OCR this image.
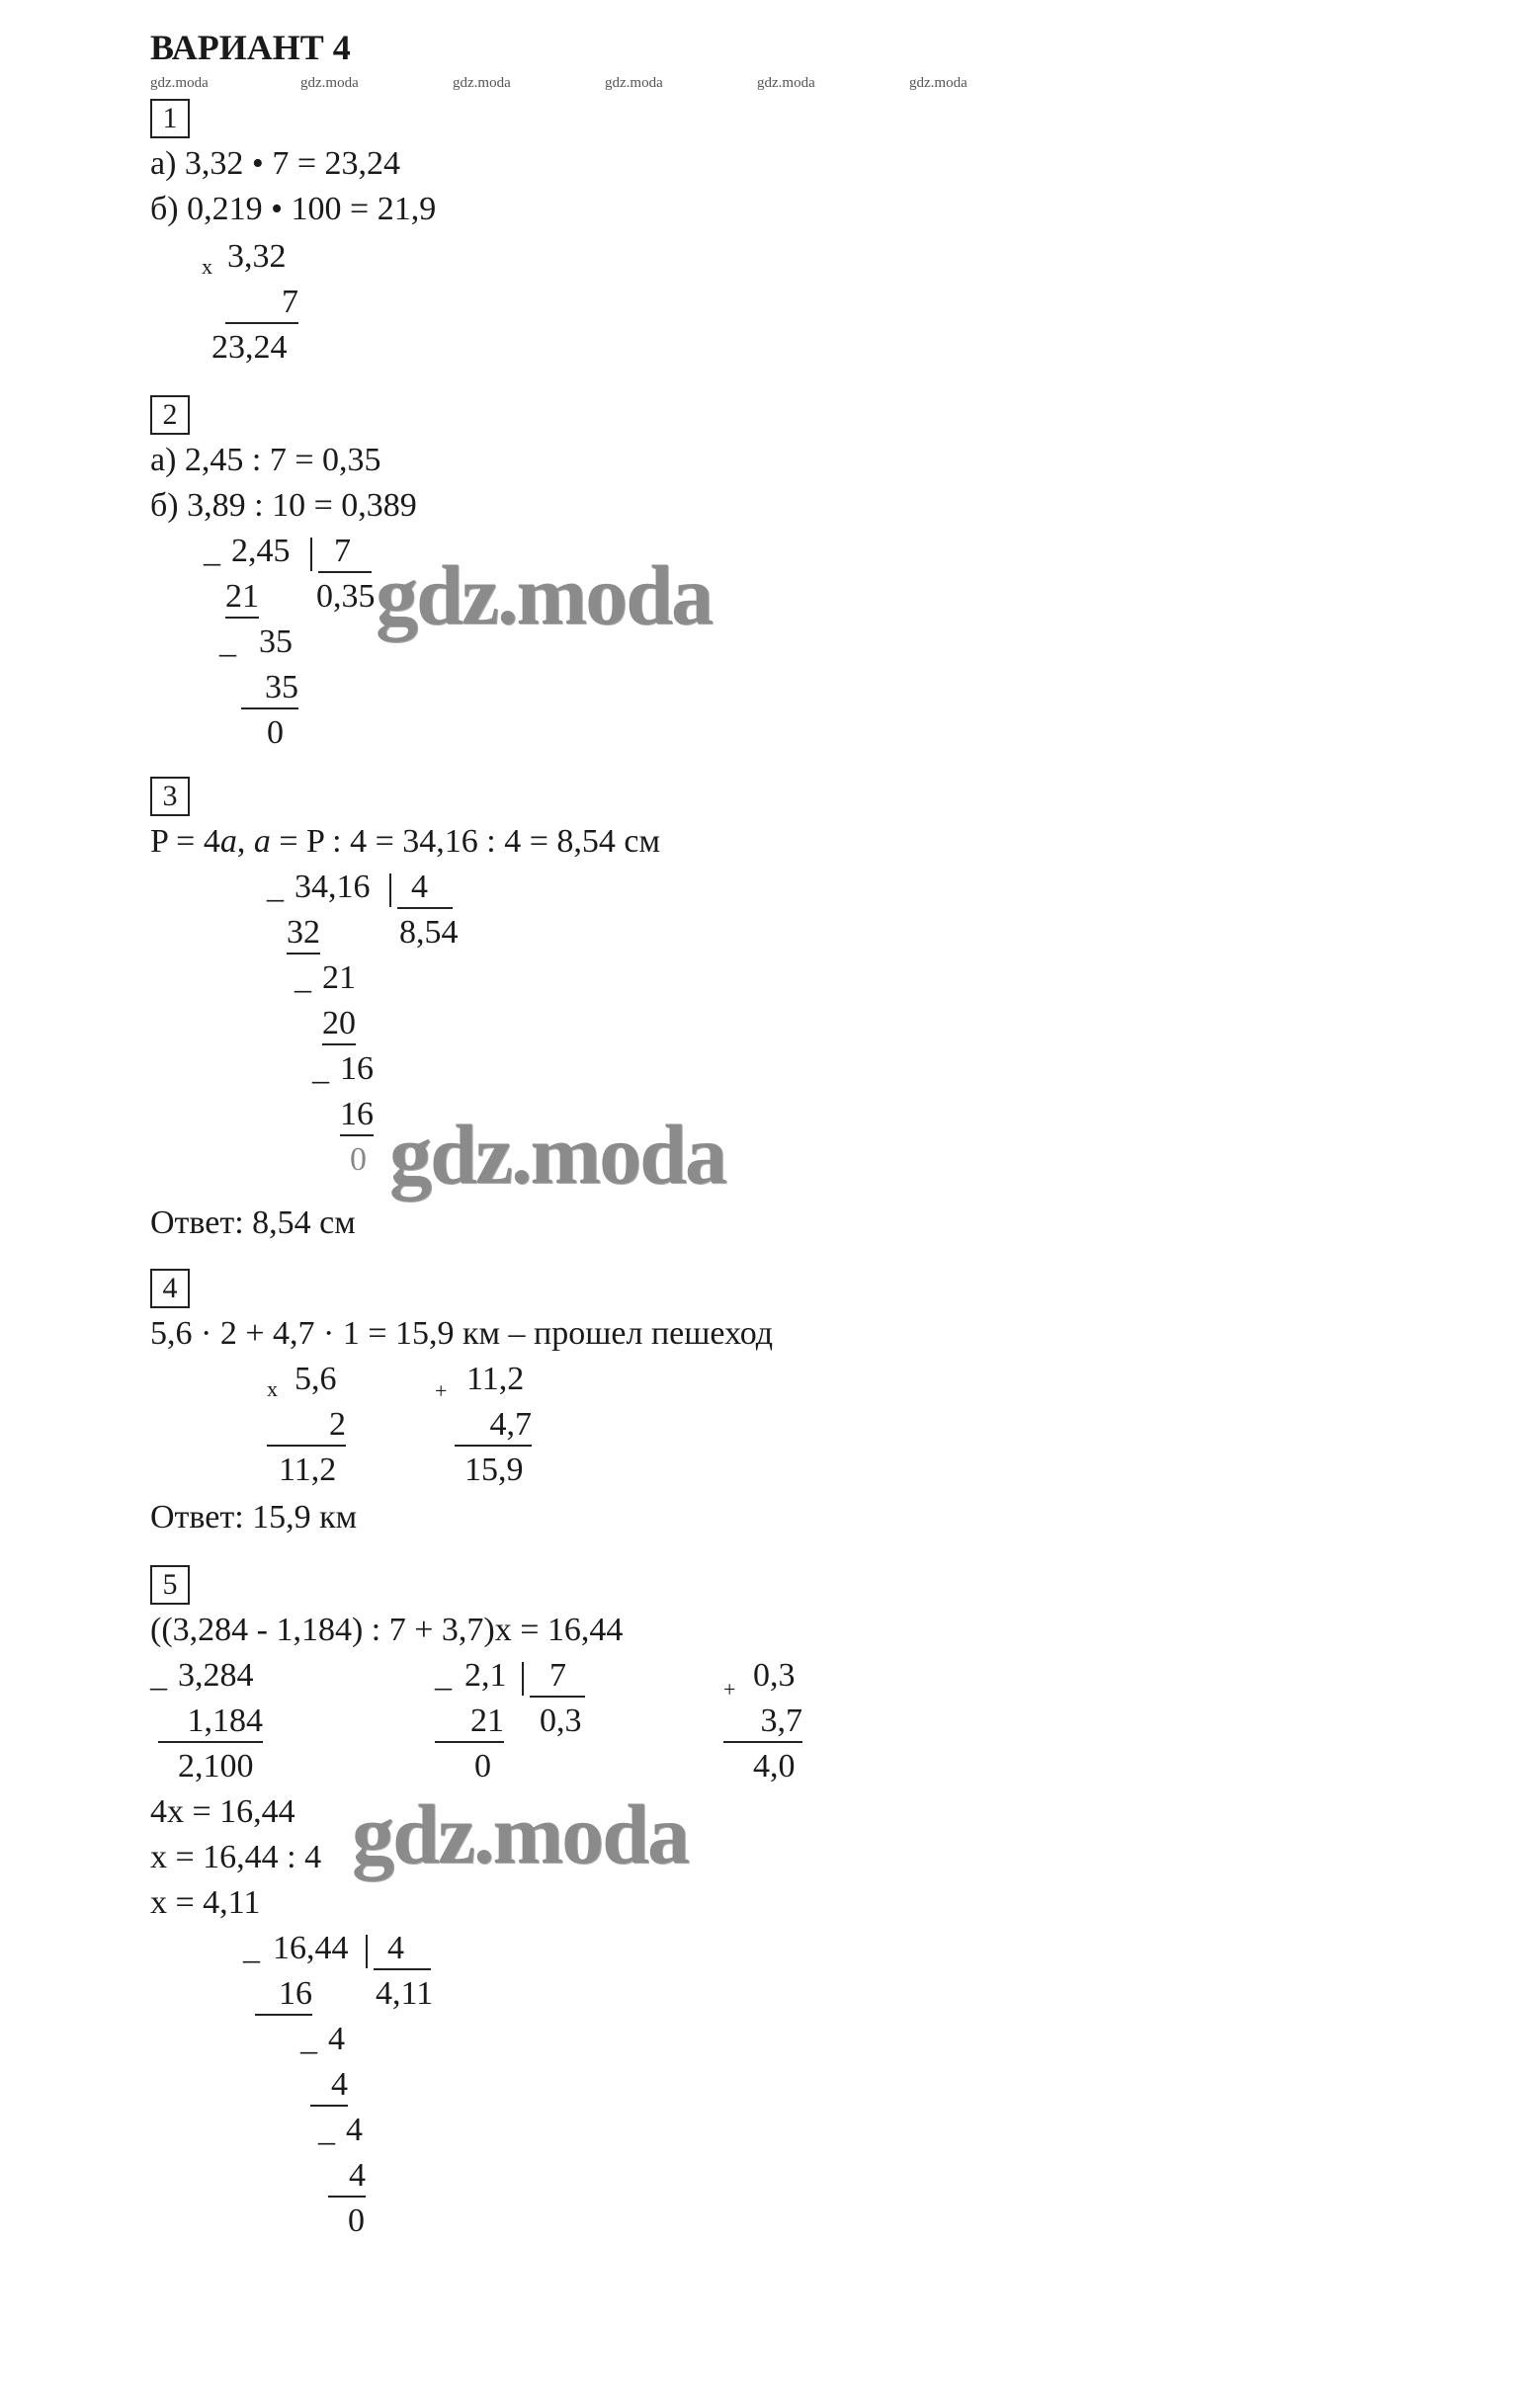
ВАРИАНТ 4
gdz.moda	gdz.moda	gdz.moda	gdz.moda	gdz.moda	gdz.moda
1
а) 3,32 • 7 = 23,24
б) 0,219 • 100 = 21,9
x 3,32
7
23,24
2
а) 2,45 : 7 = 0,35
б) 3,89 : 10 = 0,389
_ 2,45	7
21 0,35
_ 35
35
0
gdz.moda
3
P = 4a, a = P : 4 = 34,16 : 4 = 8,54 см
_ 34,16	4
32 8,54
_ 21
20
_ 16
16
0 gdz.moda
Ответ: 8,54 см
4
5,6 · 2 + 4,7 · 1 = 15,9 км – прошел пешеход
x 5,6
2
11,2
+ 11,2
4,7
15,9
Ответ: 15,9 км
5
((3,284 - 1,184) : 7 + 3,7)x = 16,44
_ 3,284
1,184
2,100
_ 2,1	7
21 0,3
0
+ 0,3
3,7
4,0
4x = 16,44
x = 16,44 : 4
x = 4,11
gdz.moda
_ 16,44	4
16 4,11
_ 4
4
_ 4
4
0
